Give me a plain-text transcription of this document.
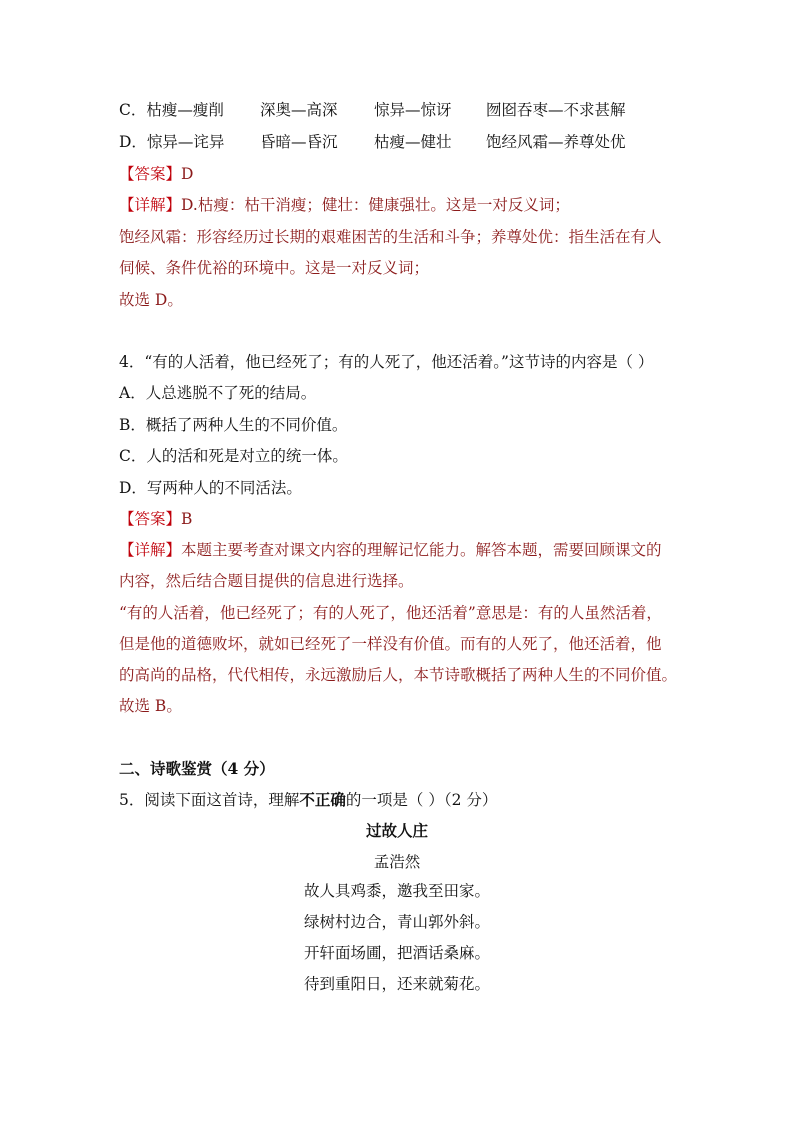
C．枯瘦—瘦削 深奥—高深 惊异—惊讶 囫囵吞枣—不求甚解
D．惊异—诧异 昏暗—昏沉 枯瘦—健壮 饱经风霜—养尊处优
【答案】D
【详解】D.枯瘦：枯干消瘦；健壮：健康强壮。这是一对反义词；
饱经风霜：形容经历过长期的艰难困苦的生活和斗争；养尊处优：指生活在有人
伺候、条件优裕的环境中。这是一对反义词；
故选 D。
4．“有的人活着，他已经死了；有的人死了，他还活着。”这节诗的内容是（ ）
A．人总逃脱不了死的结局。
B．概括了两种人生的不同价值。
C．人的活和死是对立的统一体。
D．写两种人的不同活法。
【答案】B
【详解】本题主要考查对课文内容的理解记忆能力。解答本题，需要回顾课文的
内容，然后结合题目提供的信息进行选择。
“有的人活着，他已经死了；有的人死了，他还活着”意思是：有的人虽然活着，
但是他的道德败坏，就如已经死了一样没有价值。而有的人死了，他还活着，他
的高尚的品格，代代相传，永远激励后人，本节诗歌概括了两种人生的不同价值。
故选 B。
二、诗歌鉴赏（4 分）
5．阅读下面这首诗，理解不正确的一项是（ ）（2 分）
过故人庄
孟浩然
故人具鸡黍，邀我至田家。
绿树村边合，青山郭外斜。
开轩面场圃，把酒话桑麻。
待到重阳日，还来就菊花。
